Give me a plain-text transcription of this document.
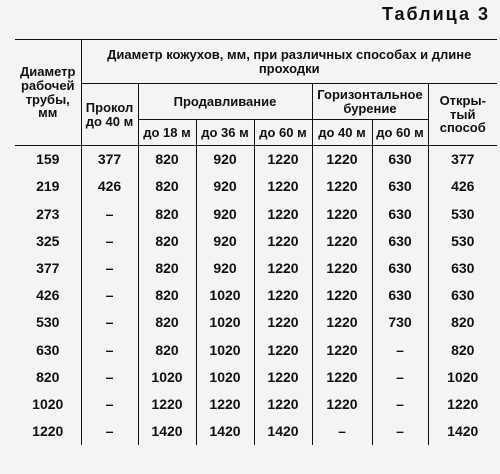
Таблица 3
Диаметр рабочей трубы, мм	Диаметр кожухов, мм, при различных способах и длине проходки						
	Прокол до 40 м	Продавливание			Горизонтальное бурение		Откры-тый способ
		до 18 м	до 36 м	до 60 м	до 40 м	до 60 м	
159	377	820	920	1220	1220	630	377
219	426	820	920	1220	1220	630	426
273	–	820	920	1220	1220	630	530
325	–	820	920	1220	1220	630	530
377	–	820	920	1220	1220	630	630
426	–	820	1020	1220	1220	630	630
530	–	820	1020	1220	1220	730	820
630	–	820	1020	1220	1220	–	820
820	–	1020	1020	1220	1220	–	1020
1020	–	1220	1220	1220	1220	–	1220
1220	–	1420	1420	1420	–	–	1420
